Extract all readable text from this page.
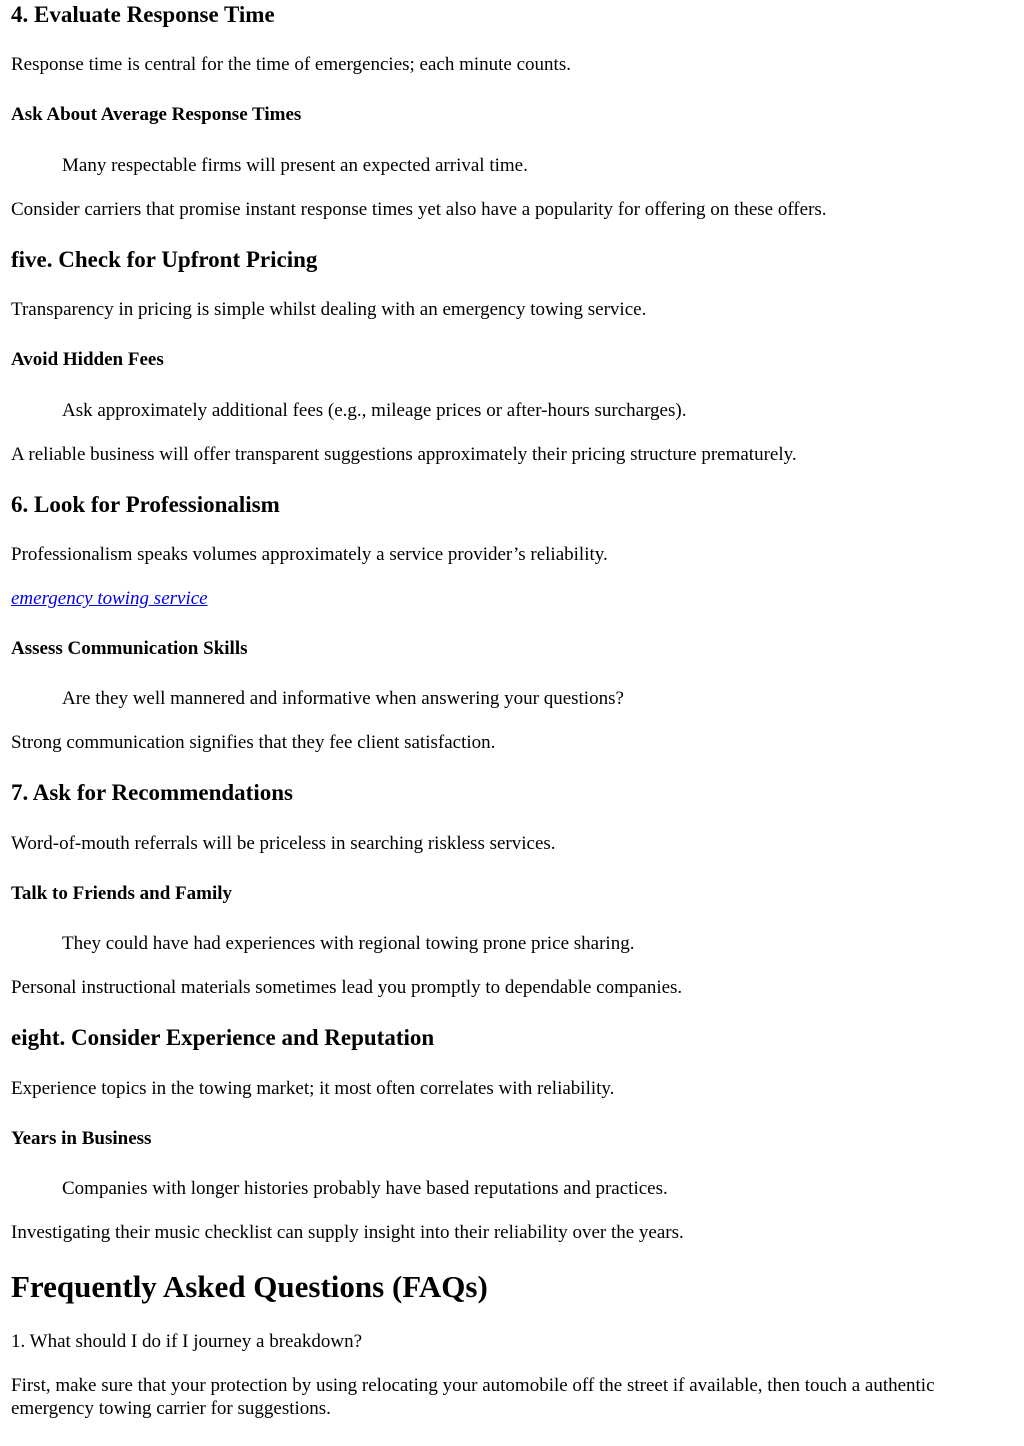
4. Evaluate Response Time

Response time is central for the time of emergencies; each minute counts.

Ask About Average Response Times
Many respectable firms will present an expected arrival time.

Consider carriers that promise instant response times yet also have a popularity for offering on these offers.

five. Check for Upfront Pricing

Transparency in pricing is simple whilst dealing with an emergency towing service.

Avoid Hidden Fees
Ask approximately additional fees (e.g., mileage prices or after-hours surcharges).

A reliable business will offer transparent suggestions approximately their pricing structure prematurely.

6. Look for Professionalism

Professionalism speaks volumes approximately a service provider’s reliability.

emergency towing service

Assess Communication Skills
Are they well mannered and informative when answering your questions?

Strong communication signifies that they fee client satisfaction.

7. Ask for Recommendations

Word-of-mouth referrals will be priceless in searching riskless services.

Talk to Friends and Family
They could have had experiences with regional towing prone price sharing.

Personal instructional materials sometimes lead you promptly to dependable companies.

eight. Consider Experience and Reputation

Experience topics in the towing market; it most often correlates with reliability.

Years in Business
Companies with longer histories probably have based reputations and practices.

Investigating their music checklist can supply insight into their reliability over the years.

Frequently Asked Questions (FAQs)

1. What should I do if I journey a breakdown?

First, make sure that your protection by using relocating your automobile off the street if available, then touch a authentic emergency towing carrier for suggestions.
